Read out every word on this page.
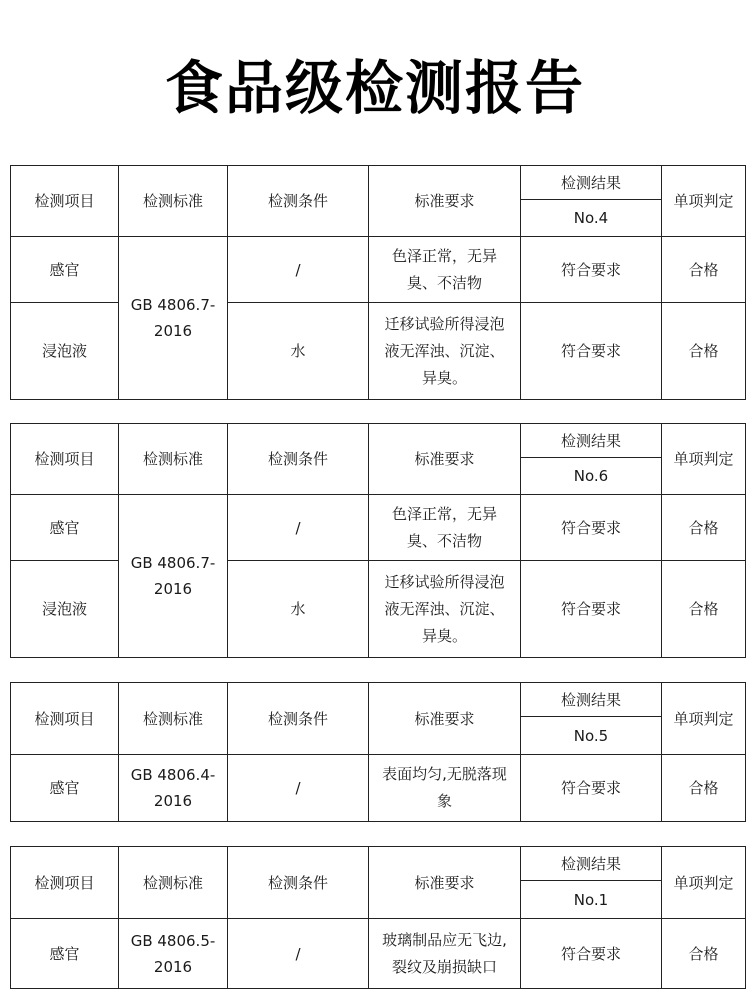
食品级检测报告
检测项目	检测标准	检测条件	标准要求	检测结果	单项判定
				No.4	
感官	GB 4806.7-2016	/	色泽正常，无异臭、不洁物	符合要求	合格
浸泡液		水	迁移试验所得浸泡液无浑浊、沉淀、异臭。	符合要求	合格
检测项目	检测标准	检测条件	标准要求	检测结果	单项判定
				No.6	
感官	GB 4806.7-2016	/	色泽正常，无异臭、不洁物	符合要求	合格
浸泡液		水	迁移试验所得浸泡液无浑浊、沉淀、异臭。	符合要求	合格
检测项目	检测标准	检测条件	标准要求	检测结果	单项判定
				No.5	
感官	GB 4806.4-2016	/	表面均匀,无脱落现象	符合要求	合格
检测项目	检测标准	检测条件	标准要求	检测结果	单项判定
				No.1	
感官	GB 4806.5-2016	/	玻璃制品应无飞边,裂纹及崩损缺口	符合要求	合格
